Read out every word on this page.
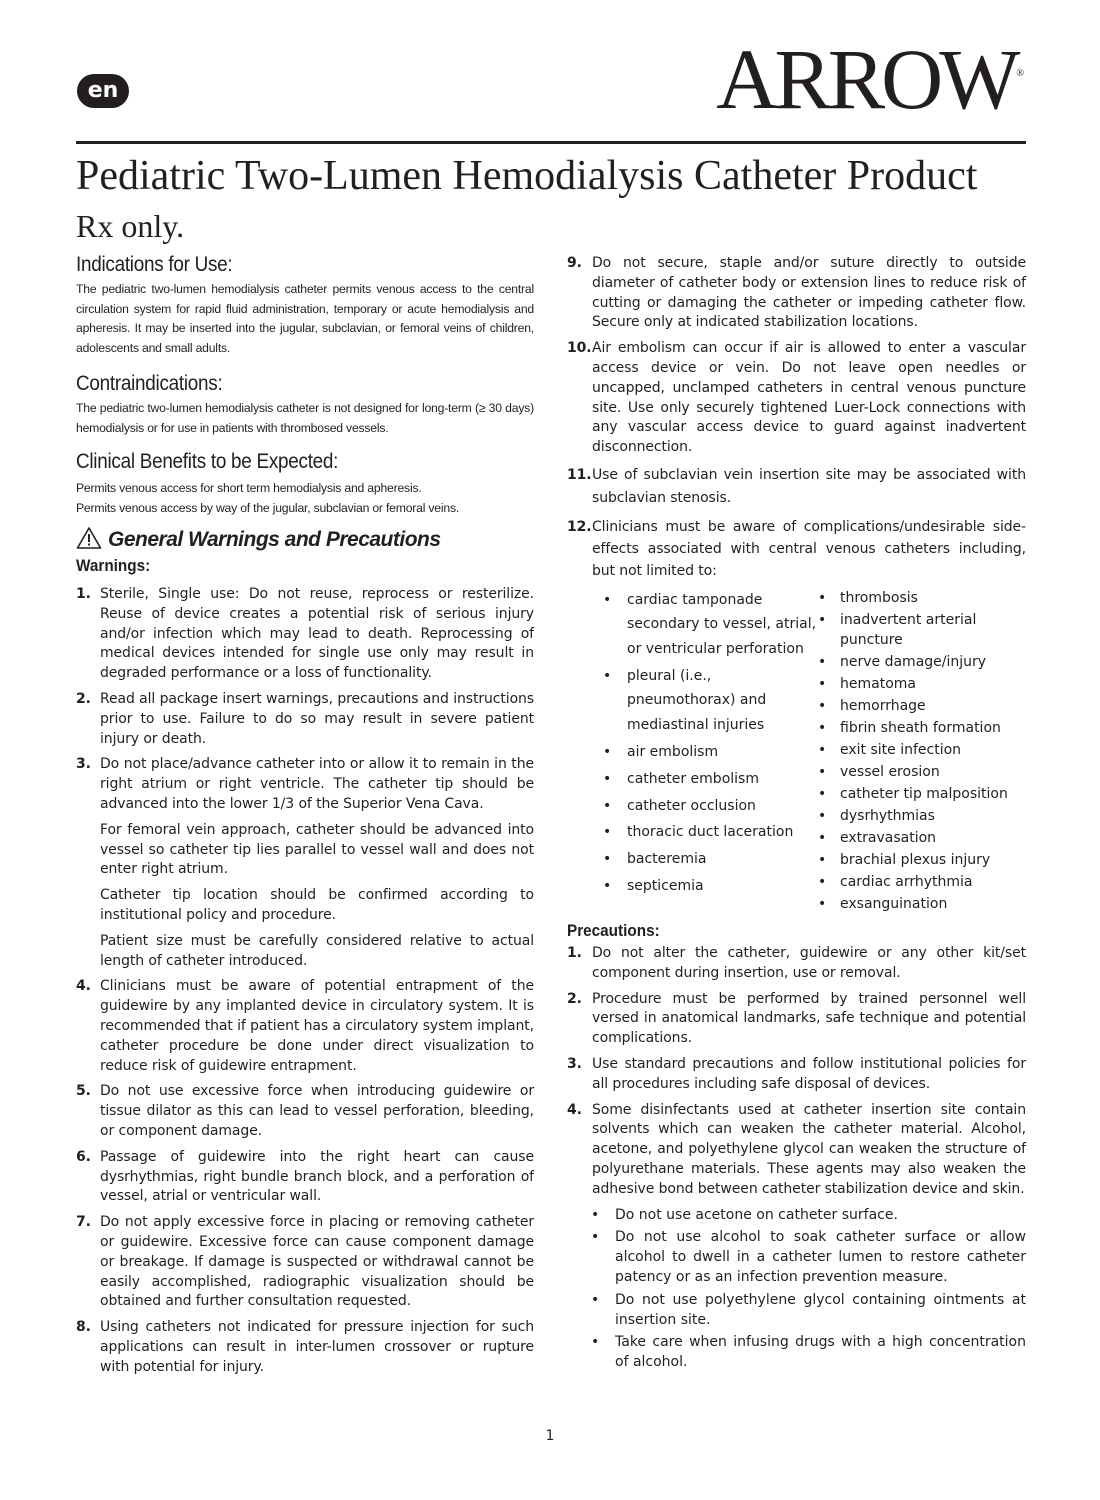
en	ARROW®
Pediatric Two-Lumen Hemodialysis Catheter Product
Rx only.
Indications for Use:

The pediatric two-lumen hemodialysis catheter permits venous access to the central circulation system for rapid fluid administration, temporary or acute hemodialysis and apheresis. It may be inserted into the jugular, subclavian, or femoral veins of children, adolescents and small adults.

Contraindications:

The pediatric two-lumen hemodialysis catheter is not designed for long-term (≥ 30 days) hemodialysis or for use in patients with thrombosed vessels.

Clinical Benefits to be Expected:

Permits venous access for short term hemodialysis and apheresis.

Permits venous access by way of the jugular, subclavian or femoral veins.

General Warnings and Precautions
Warnings:
1. Sterile, Single use: Do not reuse, reprocess or resterilize. Reuse of device creates a potential risk of serious injury and/or infection which may lead to death. Reprocessing of medical devices intended for single use only may result in degraded performance or a loss of functionality.

2. Read all package insert warnings, precautions and instructions prior to use. Failure to do so may result in severe patient injury or death.

3. Do not place/advance catheter into or allow it to remain in the right atrium or right ventricle. The catheter tip should be advanced into the lower 1/3 of the Superior Vena Cava.

For femoral vein approach, catheter should be advanced into vessel so catheter tip lies parallel to vessel wall and does not enter right atrium.

Catheter tip location should be confirmed according to institutional policy and procedure.

Patient size must be carefully considered relative to actual length of catheter introduced.

4. Clinicians must be aware of potential entrapment of the guidewire by any implanted device in circulatory system. It is recommended that if patient has a circulatory system implant, catheter procedure be done under direct visualization to reduce risk of guidewire entrapment.

5. Do not use excessive force when introducing guidewire or tissue dilator as this can lead to vessel perforation, bleeding, or component damage.

6. Passage of guidewire into the right heart can cause dysrhythmias, right bundle branch block, and a perforation of vessel, atrial or ventricular wall.

7. Do not apply excessive force in placing or removing catheter or guidewire. Excessive force can cause component damage or breakage. If damage is suspected or withdrawal cannot be easily accomplished, radiographic visualization should be obtained and further consultation requested.

8. Using catheters not indicated for pressure injection for such applications can result in inter-lumen crossover or rupture with potential for injury.

9. Do not secure, staple and/or suture directly to outside diameter of catheter body or extension lines to reduce risk of cutting or damaging the catheter or impeding catheter flow. Secure only at indicated stabilization locations.

10. Air embolism can occur if air is allowed to enter a vascular access device or vein. Do not leave open needles or uncapped, unclamped catheters in central venous puncture site. Use only securely tightened Luer-Lock connections with any vascular access device to guard against inadvertent disconnection.

11. Use of subclavian vein insertion site may be associated with subclavian stenosis.

12. Clinicians must be aware of complications/undesirable side-effects associated with central venous catheters including, but not limited to:

• cardiac tamponade secondary to vessel, atrial, or ventricular perforation
• pleural (i.e., pneumothorax) and mediastinal injuries
• air embolism
• catheter embolism
• catheter occlusion
• thoracic duct laceration
• bacteremia
• septicemia
• thrombosis
• inadvertent arterial puncture
• nerve damage/injury
• hematoma
• hemorrhage
• fibrin sheath formation
• exit site infection
• vessel erosion
• catheter tip malposition
• dysrhythmias
• extravasation
• brachial plexus injury
• cardiac arrhythmia
• exsanguination
Precautions:
1. Do not alter the catheter, guidewire or any other kit/set component during insertion, use or removal.

2. Procedure must be performed by trained personnel well versed in anatomical landmarks, safe technique and potential complications.

3. Use standard precautions and follow institutional policies for all procedures including safe disposal of devices.

4. Some disinfectants used at catheter insertion site contain solvents which can weaken the catheter material. Alcohol, acetone, and polyethylene glycol can weaken the structure of polyurethane materials. These agents may also weaken the adhesive bond between catheter stabilization device and skin.

• Do not use acetone on catheter surface.
• Do not use alcohol to soak catheter surface or allow alcohol to dwell in a catheter lumen to restore catheter patency or as an infection prevention measure.
• Do not use polyethylene glycol containing ointments at insertion site.
• Take care when infusing drugs with a high concentration of alcohol.
1
